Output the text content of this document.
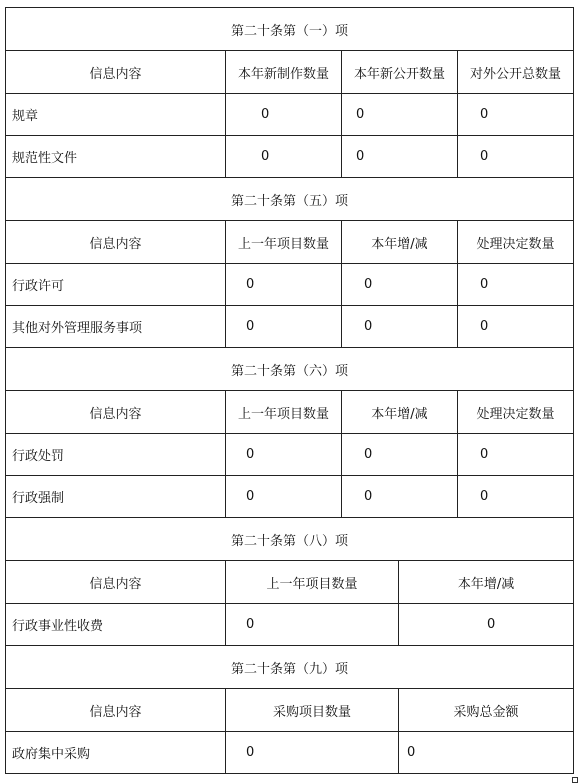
第二十条第（一）项				
信息内容	本年新制作数量	本年新公开数量		对外公开总数量
规章	0	0		0
规范性文件	0	0		0
第二十条第（五）项				
信息内容	上一年项目数量	本年增/减		处理决定数量
行政许可	0	0		0
其他对外管理服务事项	0	0		0
第二十条第（六）项				
信息内容	上一年项目数量	本年增/减		处理决定数量
行政处罚	0	0		0
行政强制	0	0		0
第二十条第（八）项				
信息内容	上一年项目数量		本年增/减	
行政事业性收费	0		0	
第二十条第（九）项				
信息内容	采购项目数量		采购总金额	
政府集中采购	0		0	
